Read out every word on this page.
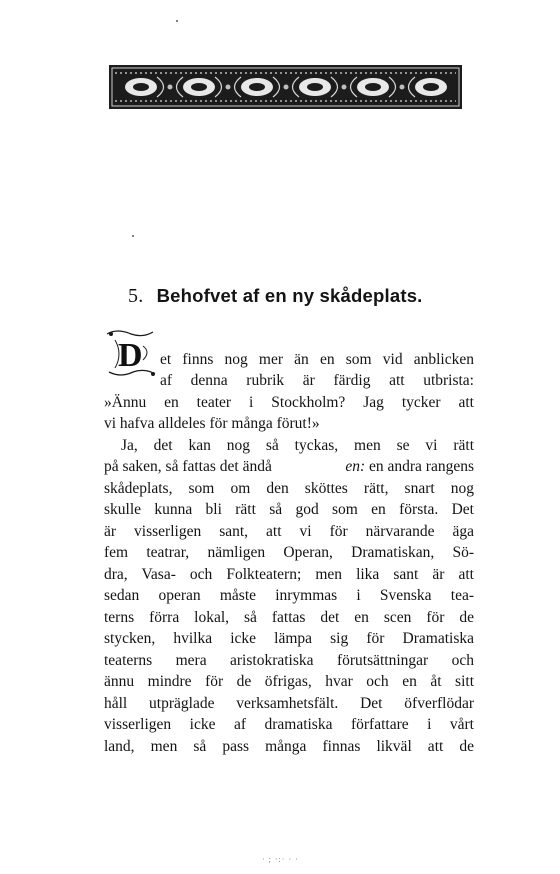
5. Behofvet af en ny skådeplats.
D et finns nog mer än en som vid anblicken
af denna rubrik är färdig att utbrista:
»Ännu en teater i Stockholm? Jag tycker att
vi hafva alldeles för många förut!»
Ja, det kan nog så tyckas, men se vi rätt
på saken, så fattas det ändå	en: en andra rangens
skådeplats, som om den sköttes rätt, snart nog
skulle kunna bli rätt så god som en första. Det
är visserligen sant, att vi för närvarande äga
fem teatrar, nämligen Operan, Dramatiskan, Sö-
dra, Vasa- och Folkteatern; men lika sant är att
sedan operan måste inrymmas i Svenska tea-
terns förra lokal, så fattas det en scen för de
stycken, hvilka icke lämpa sig för Dramatiska
teaterns mera aristokratiska förutsättningar och
ännu mindre för de öfrigas, hvar och en åt sitt
håll utpräglade verksamhetsfält. Det öfverflödar
visserligen icke af dramatiska författare i vårt
land, men så pass många finnas likväl att de
· ; ·:· · ·
